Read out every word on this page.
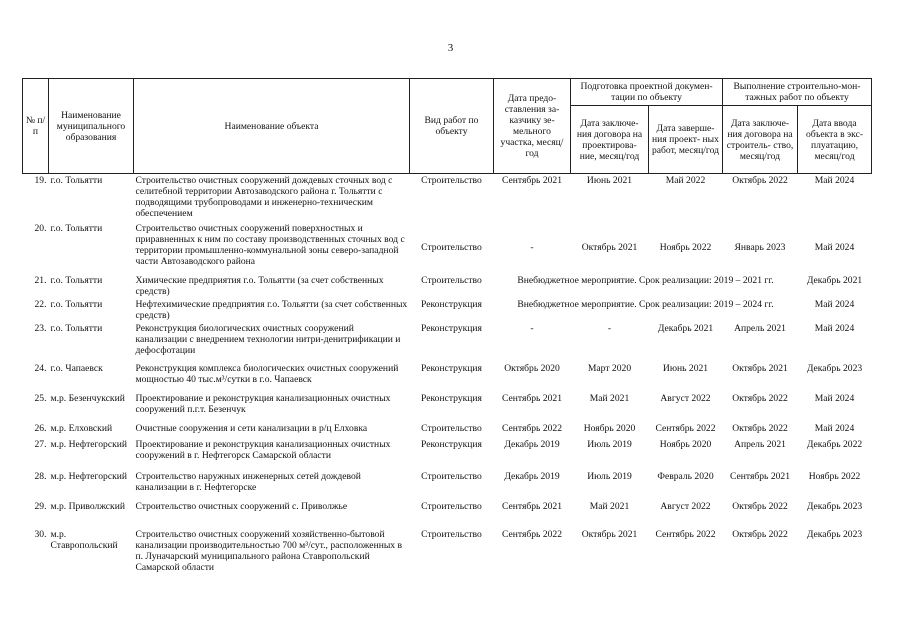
3
№ п/п	Наименование муниципального образования	Наименование объекта	Вид работ по объекту	Дата предо- ставления за- казчику зе- мельного участка, месяц/год	Подготовка проектной докумен- тации по объекту		Выполнение строительно-мон- тажных работ по объекту	
					Дата заключе- ния договора на проектирова- ние, месяц/год	Дата заверше- ния проект- ных работ, месяц/год	Дата заключе- ния договора на строитель- ство, месяц/год	Дата ввода объекта в экс- плуатацию, месяц/год
19.	г.о. Тольятти	Строительство очистных сооружений дождевых сточных вод с селитебной территории Автозаводского района г. Тольятти с подводящими трубопроводами и инженерно-техническим обеспечением	Строительство	Сентябрь 2021	Июнь 2021	Май 2022	Октябрь 2022	Май 2024
20.	г.о. Тольятти	Строительство очистных сооружений поверхностных и приравненных к ним по составу производственных сточных вод с территории промышленно-коммунальной зоны северо-западной части Автозаводского района	Строительство	-	Октябрь 2021	Ноябрь 2022	Январь 2023	Май 2024
21.	г.о. Тольятти	Химические предприятия г.о. Тольятти (за счет собственных средств)	Строительство	Внебюджетное мероприятие. Срок реализации: 2019 – 2021 гг.				Декабрь 2021
22.	г.о. Тольятти	Нефтехимические предприятия г.о. Тольятти (за счет собственных средств)	Реконструкция	Внебюджетное мероприятие. Срок реализации: 2019 – 2024 гг.				Май 2024
23.	г.о. Тольятти	Реконструкция биологических очистных сооружений канализации с внедрением технологии нитри-денитрификации и дефосфотации	Реконструкция	-	-	Декабрь 2021	Апрель 2021	Май 2024
24.	г.о. Чапаевск	Реконструкция комплекса биологических очистных сооружений мощностью 40 тыс.м³/сутки в г.о. Чапаевск	Реконструкция	Октябрь 2020	Март 2020	Июнь 2021	Октябрь 2021	Декабрь 2023
25.	м.р. Безенчукский	Проектирование и реконструкция канализационных очистных сооружений п.г.т. Безенчук	Реконструкция	Сентябрь 2021	Май 2021	Август 2022	Октябрь 2022	Май 2024
26.	м.р. Елховский	Очистные сооружения и сети канализации в р/ц Елховка	Строительство	Сентябрь 2022	Ноябрь 2020	Сентябрь 2022	Октябрь 2022	Май 2024
27.	м.р. Нефтегорский	Проектирование и реконструкция канализационных очистных сооружений в г. Нефтегорск Самарской области	Реконструкция	Декабрь 2019	Июль 2019	Ноябрь 2020	Апрель 2021	Декабрь 2022
28.	м.р. Нефтегорский	Строительство наружных инженерных сетей дождевой канализации в г. Нефтегорске	Строительство	Декабрь 2019	Июль 2019	Февраль 2020	Сентябрь 2021	Ноябрь 2022
29.	м.р. Приволжский	Строительство очистных сооружений с. Приволжье	Строительство	Сентябрь 2021	Май 2021	Август 2022	Октябрь 2022	Декабрь 2023
30.	м.р. Ставропольский	Строительство очистных сооружений хозяйственно-бытовой канализации производительностью 700 м³/сут., расположенных в п. Луначарский муниципального района Ставропольский Самарской области	Строительство	Сентябрь 2022	Октябрь 2021	Сентябрь 2022	Октябрь 2022	Декабрь 2023
